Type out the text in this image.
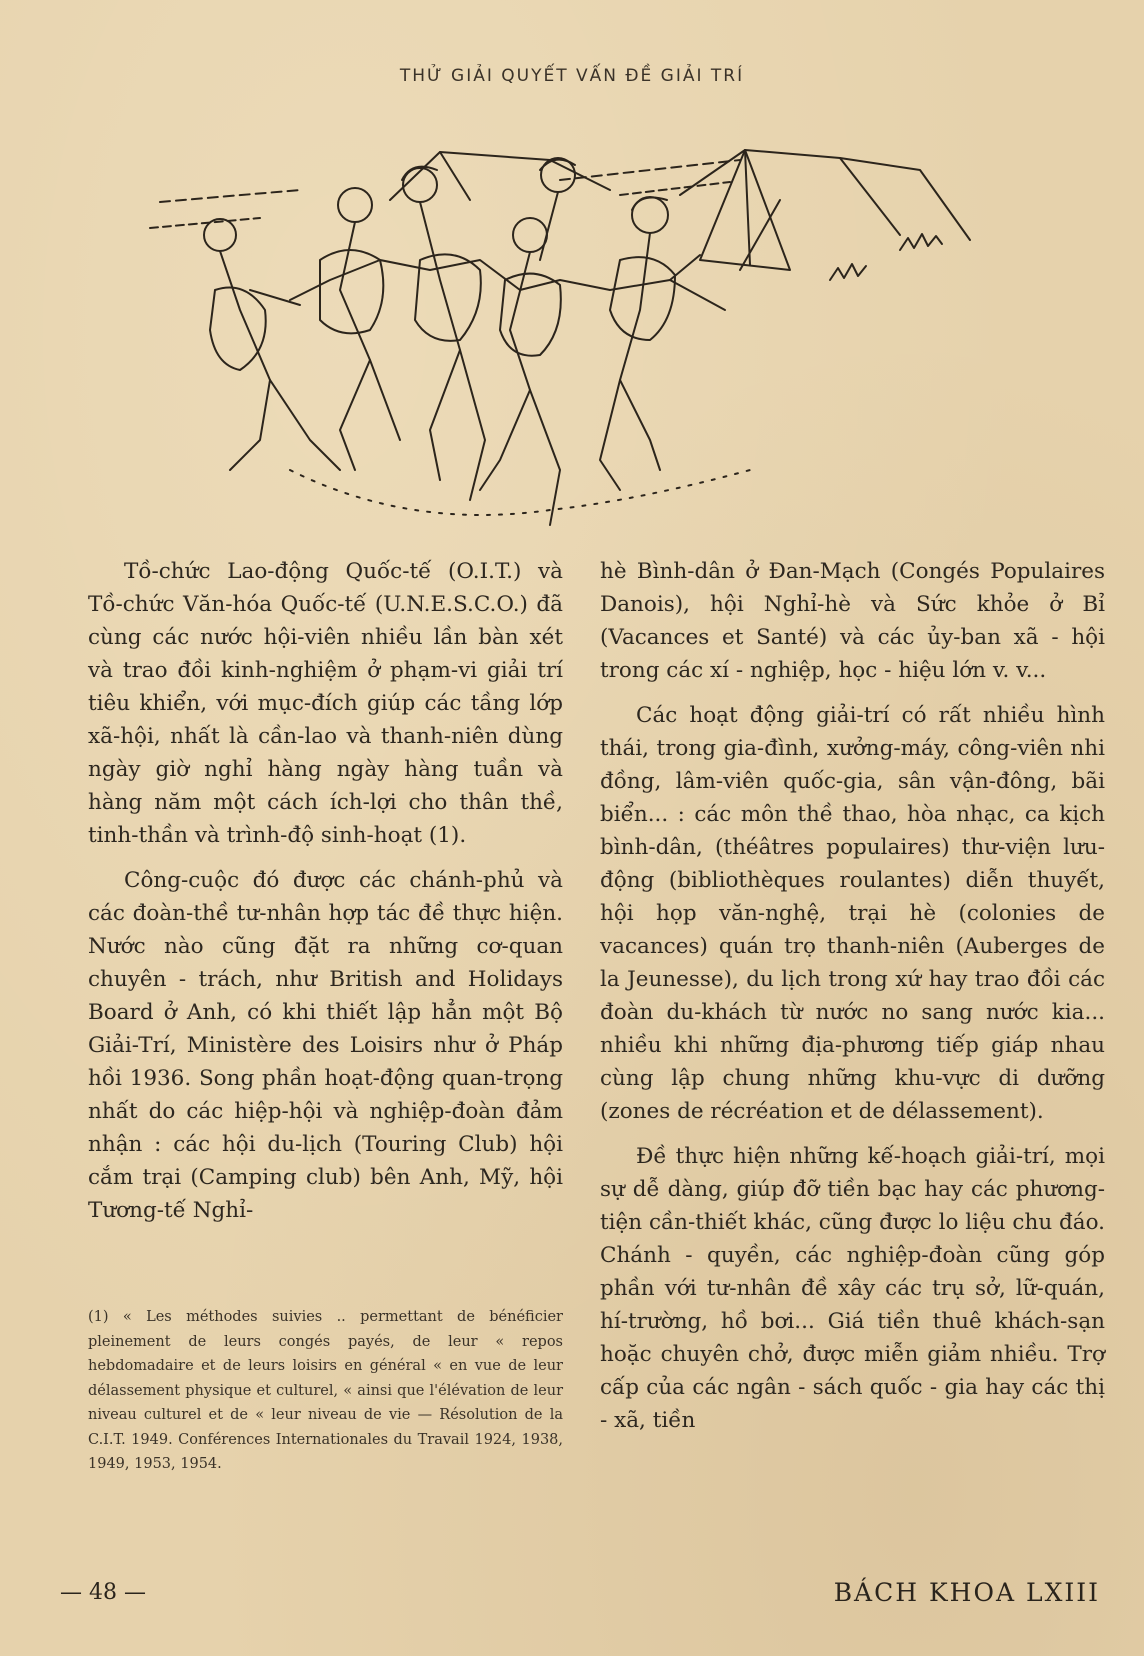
THỬ GIẢI QUYẾT VẤN ĐỀ GIẢI TRÍ

Tồ-chức Lao-động Quốc-tế (O.I.T.) và Tồ-chức Văn-hóa Quốc-tế (U.N.E.S.C.O.) đã cùng các nước hội-viên nhiều lần bàn xét và trao đồi kinh-nghiệm ở phạm-vi giải trí tiêu khiển, với mục-đích giúp các tầng lớp xã-hội, nhất là cần-lao và thanh-niên dùng ngày giờ nghỉ hàng ngày hàng tuần và hàng năm một cách ích-lợi cho thân thề, tinh-thần và trình-độ sinh-hoạt (1).

Công-cuộc đó được các chánh-phủ và các đoàn-thề tư-nhân hợp tác đề thực hiện. Nước nào cũng đặt ra những cơ-quan chuyên - trách, như British and Holidays Board ở Anh, có khi thiết lập hẳn một Bộ Giải-Trí, Ministère des Loisirs như ở Pháp hồi 1936. Song phần hoạt-động quan-trọng nhất do các hiệp-hội và nghiệp-đoàn đảm nhận : các hội du-lịch (Touring Club) hội cắm trại (Camping club) bên Anh, Mỹ, hội Tương-tế Nghỉ-

(1) « Les méthodes suivies .. permettant de bénéficier pleinement de leurs congés payés, de leur « repos hebdomadaire et de leurs loisirs en général « en vue de leur délassement physique et culturel, « ainsi que l'élévation de leur niveau culturel et de « leur niveau de vie — Résolution de la C.I.T. 1949. Conférences Internationales du Travail 1924, 1938, 1949, 1953, 1954.

hè Bình-dân ở Đan-Mạch (Congés Populaires Danois), hội Nghỉ-hè và Sức khỏe ở Bỉ (Vacances et Santé) và các ủy-ban xã - hội trong các xí - nghiệp, học - hiệu lớn v. v...

Các hoạt động giải-trí có rất nhiều hình thái, trong gia-đình, xưởng-máy, công-viên nhi đồng, lâm-viên quốc-gia, sân vận-đông, bãi biển... : các môn thề thao, hòa nhạc, ca kịch bình-dân, (théâtres populaires) thư-viện lưu-động (bibliothèques roulantes) diễn thuyết, hội họp văn-nghệ, trại hè (colonies de vacances) quán trọ thanh-niên (Auberges de la Jeunesse), du lịch trong xứ hay trao đồi các đoàn du-khách từ nước no sang nước kia... nhiều khi những địa-phương tiếp giáp nhau cùng lập chung những khu-vực di dưỡng (zones de récréation et de délassement).

Đề thực hiện những kế-hoạch giải-trí, mọi sự dễ dàng, giúp đỡ tiền bạc hay các phương-tiện cần-thiết khác, cũng được lo liệu chu đáo. Chánh - quyền, các nghiệp-đoàn cũng góp phần với tư-nhân đề xây các trụ sở, lữ-quán, hí-trường, hồ bơi... Giá tiền thuê khách-sạn hoặc chuyên chở, được miễn giảm nhiều. Trợ cấp của các ngân - sách quốc - gia hay các thị - xã, tiền

— 48 —	BÁCH KHOA LXIII
